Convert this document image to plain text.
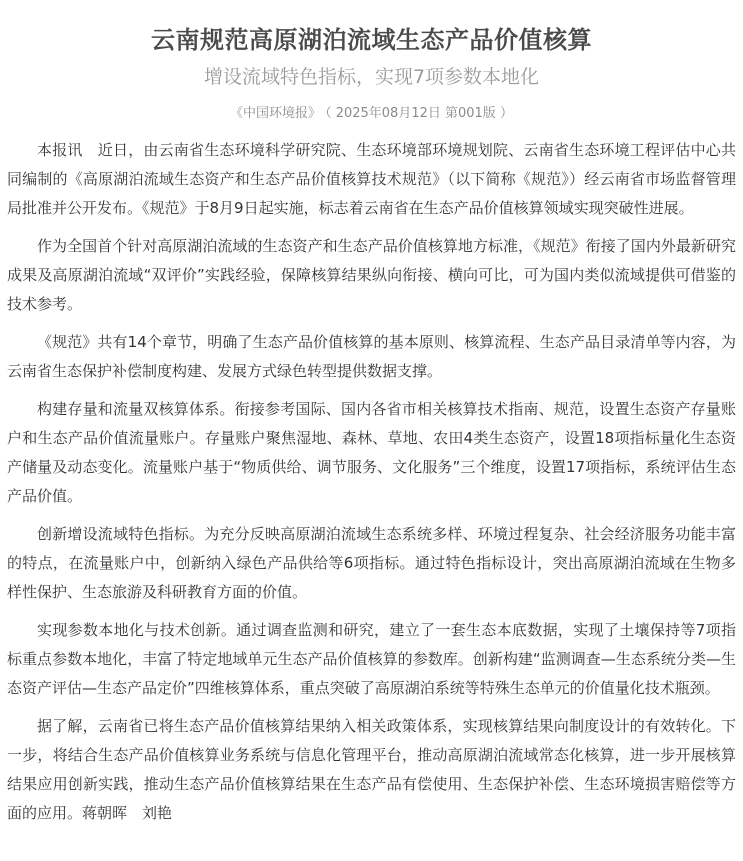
云南规范高原湖泊流域生态产品价值核算
增设流域特色指标，实现7项参数本地化
《中国环境报》 （ 2025年08月12日 第001版 ）

本报讯　近日，由云南省生态环境科学研究院、生态环境部环境规划院、云南省生态环境工程评估中心共同编制的《高原湖泊流域生态资产和生态产品价值核算技术规范》（以下简称《规范》）经云南省市场监督管理局批准并公开发布。《规范》于8月9日起实施，标志着云南省在生态产品价值核算领域实现突破性进展。

作为全国首个针对高原湖泊流域的生态资产和生态产品价值核算地方标准，《规范》衔接了国内外最新研究成果及高原湖泊流域“双评价”实践经验，保障核算结果纵向衔接、横向可比，可为国内类似流域提供可借鉴的技术参考。

《规范》共有14个章节，明确了生态产品价值核算的基本原则、核算流程、生态产品目录清单等内容，为云南省生态保护补偿制度构建、发展方式绿色转型提供数据支撑。

构建存量和流量双核算体系。衔接参考国际、国内各省市相关核算技术指南、规范，设置生态资产存量账户和生态产品价值流量账户。存量账户聚焦湿地、森林、草地、农田4类生态资产，设置18项指标量化生态资产储量及动态变化。流量账户基于“物质供给、调节服务、文化服务”三个维度，设置17项指标，系统评估生态产品价值。

创新增设流域特色指标。为充分反映高原湖泊流域生态系统多样、环境过程复杂、社会经济服务功能丰富的特点，在流量账户中，创新纳入绿色产品供给等6项指标。通过特色指标设计，突出高原湖泊流域在生物多样性保护、生态旅游及科研教育方面的价值。

实现参数本地化与技术创新。通过调查监测和研究，建立了一套生态本底数据，实现了土壤保持等7项指标重点参数本地化，丰富了特定地域单元生态产品价值核算的参数库。创新构建“监测调查—生态系统分类—生态资产评估—生态产品定价”四维核算体系，重点突破了高原湖泊系统等特殊生态单元的价值量化技术瓶颈。

据了解，云南省已将生态产品价值核算结果纳入相关政策体系，实现核算结果向制度设计的有效转化。下一步，将结合生态产品价值核算业务系统与信息化管理平台，推动高原湖泊流域常态化核算，进一步开展核算结果应用创新实践，推动生态产品价值核算结果在生态产品有偿使用、生态保护补偿、生态环境损害赔偿等方面的应用。蒋朝晖　刘艳
